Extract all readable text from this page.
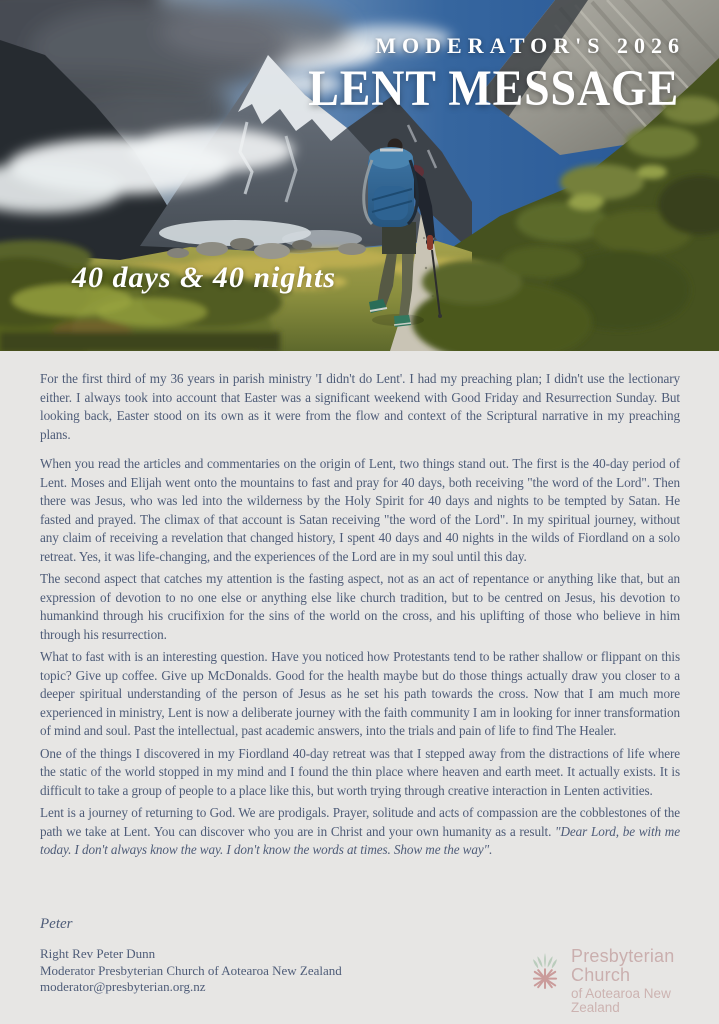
MODERATOR'S 2026
LENT MESSAGE
40 days & 40 nights

For the first third of my 36 years in parish ministry 'I didn't do Lent'. I had my preaching plan; I didn't use the lectionary either. I always took into account that Easter was a significant weekend with Good Friday and Resurrection Sunday. But looking back, Easter stood on its own as it were from the flow and context of the Scriptural narrative in my preaching plans.

When you read the articles and commentaries on the origin of Lent, two things stand out. The first is the 40-day period of Lent. Moses and Elijah went onto the mountains to fast and pray for 40 days, both receiving "the word of the Lord". Then there was Jesus, who was led into the wilderness by the Holy Spirit for 40 days and nights to be tempted by Satan. He fasted and prayed. The climax of that account is Satan receiving "the word of the Lord". In my spiritual journey, without any claim of receiving a revelation that changed history, I spent 40 days and 40 nights in the wilds of Fiordland on a solo retreat. Yes, it was life-changing, and the experiences of the Lord are in my soul until this day.

The second aspect that catches my attention is the fasting aspect, not as an act of repentance or anything like that, but an expression of devotion to no one else or anything else like church tradition, but to be centred on Jesus, his devotion to humankind through his crucifixion for the sins of the world on the cross, and his uplifting of those who believe in him through his resurrection.

What to fast with is an interesting question. Have you noticed how Protestants tend to be rather shallow or flippant on this topic? Give up coffee. Give up McDonalds. Good for the health maybe but do those things actually draw you closer to a deeper spiritual understanding of the person of Jesus as he set his path towards the cross. Now that I am much more experienced in ministry, Lent is now a deliberate journey with the faith community I am in looking for inner transformation of mind and soul. Past the intellectual, past academic answers, into the trials and pain of life to find The Healer.

One of the things I discovered in my Fiordland 40-day retreat was that I stepped away from the distractions of life where the static of the world stopped in my mind and I found the thin place where heaven and earth meet. It actually exists. It is difficult to take a group of people to a place like this, but worth trying through creative interaction in Lenten activities.

Lent is a journey of returning to God. We are prodigals. Prayer, solitude and acts of compassion are the cobblestones of the path we take at Lent. You can discover who you are in Christ and your own humanity as a result. "Dear Lord, be with me today. I don't always know the way. I don't know the words at times. Show me the way".

Peter

Right Rev Peter Dunn

Moderator Presbyterian Church of Aotearoa New Zealand

moderator@presbyterian.org.nz

Presbyterian Church
of Aotearoa New Zealand
